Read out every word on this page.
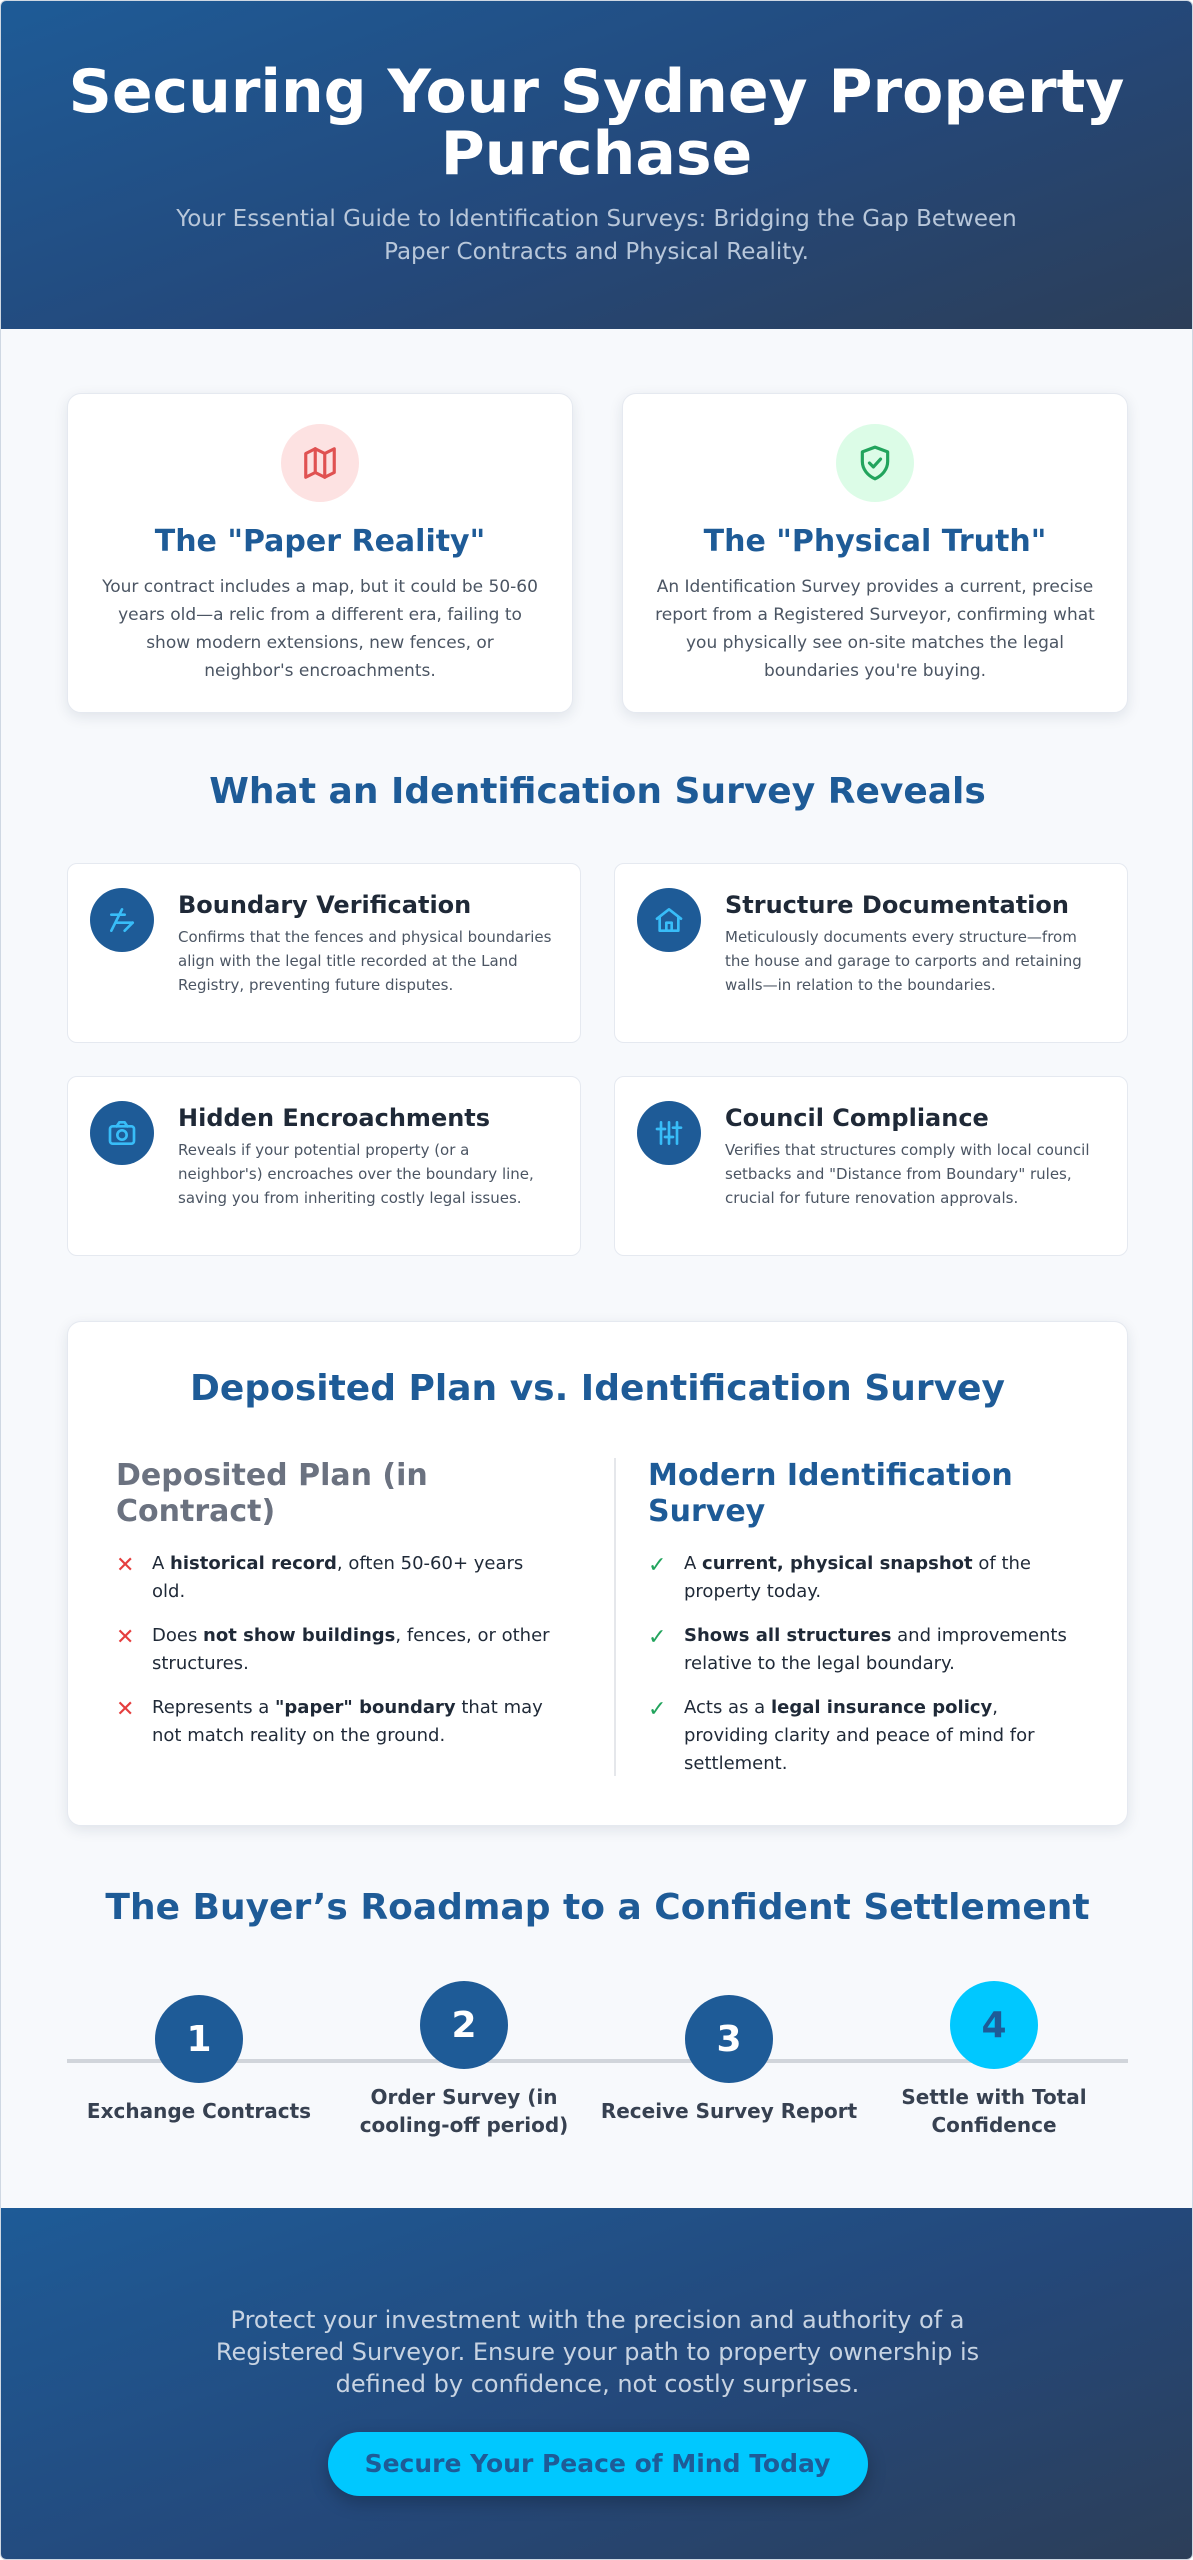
Securing Your Sydney Property Purchase

Your Essential Guide to Identification Surveys: Bridging the Gap Between Paper Contracts and Physical Reality.

The "Paper Reality"

Your contract includes a map, but it could be 50-60 years old—a relic from a different era, failing to show modern extensions, new fences, or neighbor's encroachments.

The "Physical Truth"

An Identification Survey provides a current, precise report from a Registered Surveyor, confirming what you physically see on-site matches the legal boundaries you're buying.

What an Identification Survey Reveals
Boundary Verification

Confirms that the fences and physical boundaries align with the legal title recorded at the Land Registry, preventing future disputes.

Structure Documentation

Meticulously documents every structure—from the house and garage to carports and retaining walls—in relation to the boundaries.

Hidden Encroachments

Reveals if your potential property (or a neighbor's) encroaches over the boundary line, saving you from inheriting costly legal issues.

Council Compliance

Verifies that structures comply with local council setbacks and "Distance from Boundary" rules, crucial for future renovation approvals.

Deposited Plan vs. Identification Survey
Deposited Plan (in Contract)
✕ A historical record, often 50-60+ years old.
✕ Does not show buildings, fences, or other structures.
✕ Represents a "paper" boundary that may not match reality on the ground.
Modern Identification Survey
✓ A current, physical snapshot of the property today.
✓ Shows all structures and improvements relative to the legal boundary.
✓ Acts as a legal insurance policy, providing clarity and peace of mind for settlement.
The Buyer’s Roadmap to a Confident Settlement
1
Exchange Contracts
2
Order Survey (in cooling-off period)
3
Receive Survey Report
4
Settle with Total Confidence

Protect your investment with the precision and authority of a Registered Surveyor. Ensure your path to property ownership is defined by confidence, not costly surprises.

Secure Your Peace of Mind Today
